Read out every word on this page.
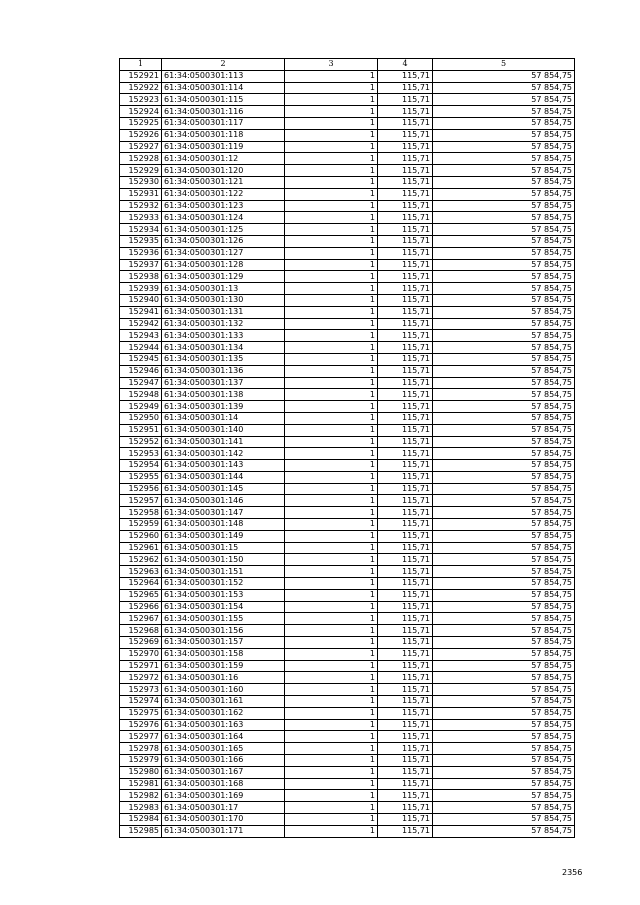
1	2	3	4	5
152921	61:34:0500301:113	1	115,71	57 854,75
152922	61:34:0500301:114	1	115,71	57 854,75
152923	61:34:0500301:115	1	115,71	57 854,75
152924	61:34:0500301:116	1	115,71	57 854,75
152925	61:34:0500301:117	1	115,71	57 854,75
152926	61:34:0500301:118	1	115,71	57 854,75
152927	61:34:0500301:119	1	115,71	57 854,75
152928	61:34:0500301:12	1	115,71	57 854,75
152929	61:34:0500301:120	1	115,71	57 854,75
152930	61:34:0500301:121	1	115,71	57 854,75
152931	61:34:0500301:122	1	115,71	57 854,75
152932	61:34:0500301:123	1	115,71	57 854,75
152933	61:34:0500301:124	1	115,71	57 854,75
152934	61:34:0500301:125	1	115,71	57 854,75
152935	61:34:0500301:126	1	115,71	57 854,75
152936	61:34:0500301:127	1	115,71	57 854,75
152937	61:34:0500301:128	1	115,71	57 854,75
152938	61:34:0500301:129	1	115,71	57 854,75
152939	61:34:0500301:13	1	115,71	57 854,75
152940	61:34:0500301:130	1	115,71	57 854,75
152941	61:34:0500301:131	1	115,71	57 854,75
152942	61:34:0500301:132	1	115,71	57 854,75
152943	61:34:0500301:133	1	115,71	57 854,75
152944	61:34:0500301:134	1	115,71	57 854,75
152945	61:34:0500301:135	1	115,71	57 854,75
152946	61:34:0500301:136	1	115,71	57 854,75
152947	61:34:0500301:137	1	115,71	57 854,75
152948	61:34:0500301:138	1	115,71	57 854,75
152949	61:34:0500301:139	1	115,71	57 854,75
152950	61:34:0500301:14	1	115,71	57 854,75
152951	61:34:0500301:140	1	115,71	57 854,75
152952	61:34:0500301:141	1	115,71	57 854,75
152953	61:34:0500301:142	1	115,71	57 854,75
152954	61:34:0500301:143	1	115,71	57 854,75
152955	61:34:0500301:144	1	115,71	57 854,75
152956	61:34:0500301:145	1	115,71	57 854,75
152957	61:34:0500301:146	1	115,71	57 854,75
152958	61:34:0500301:147	1	115,71	57 854,75
152959	61:34:0500301:148	1	115,71	57 854,75
152960	61:34:0500301:149	1	115,71	57 854,75
152961	61:34:0500301:15	1	115,71	57 854,75
152962	61:34:0500301:150	1	115,71	57 854,75
152963	61:34:0500301:151	1	115,71	57 854,75
152964	61:34:0500301:152	1	115,71	57 854,75
152965	61:34:0500301:153	1	115,71	57 854,75
152966	61:34:0500301:154	1	115,71	57 854,75
152967	61:34:0500301:155	1	115,71	57 854,75
152968	61:34:0500301:156	1	115,71	57 854,75
152969	61:34:0500301:157	1	115,71	57 854,75
152970	61:34:0500301:158	1	115,71	57 854,75
152971	61:34:0500301:159	1	115,71	57 854,75
152972	61:34:0500301:16	1	115,71	57 854,75
152973	61:34:0500301:160	1	115,71	57 854,75
152974	61:34:0500301:161	1	115,71	57 854,75
152975	61:34:0500301:162	1	115,71	57 854,75
152976	61:34:0500301:163	1	115,71	57 854,75
152977	61:34:0500301:164	1	115,71	57 854,75
152978	61:34:0500301:165	1	115,71	57 854,75
152979	61:34:0500301:166	1	115,71	57 854,75
152980	61:34:0500301:167	1	115,71	57 854,75
152981	61:34:0500301:168	1	115,71	57 854,75
152982	61:34:0500301:169	1	115,71	57 854,75
152983	61:34:0500301:17	1	115,71	57 854,75
152984	61:34:0500301:170	1	115,71	57 854,75
152985	61:34:0500301:171	1	115,71	57 854,75
2356
